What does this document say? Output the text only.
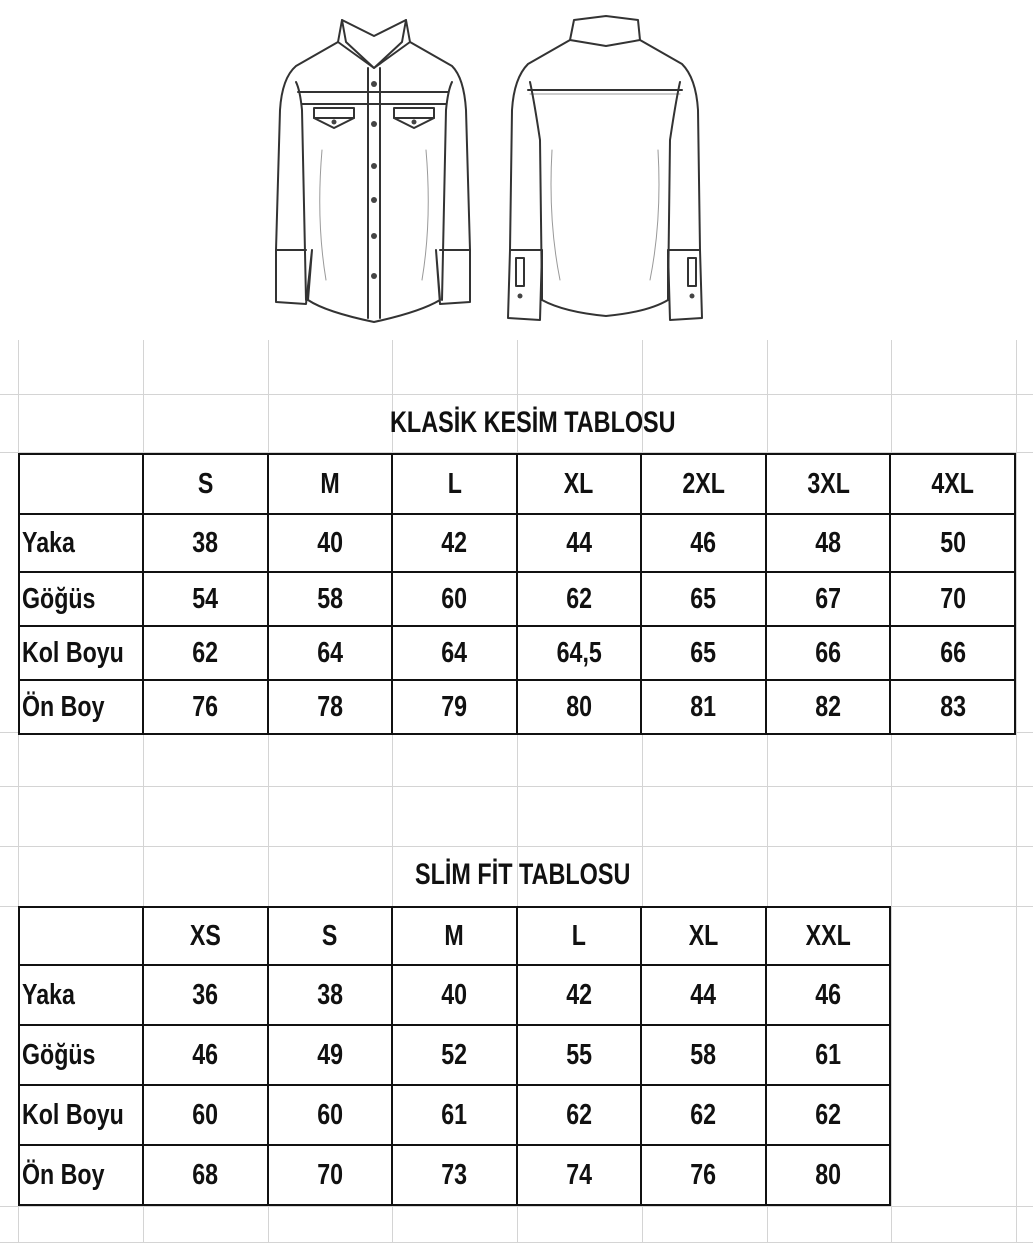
KLASİK KESİM TABLOSU
	S	M	L	XL	2XL	3XL	4XL
Yaka	38	40	42	44	46	48	50
Göğüs	54	58	60	62	65	67	70
Kol Boyu	62	64	64	64,5	65	66	66
Ön Boy	76	78	79	80	81	82	83
SLİM FİT TABLOSU
	XS	S	M	L	XL	XXL
Yaka	36	38	40	42	44	46
Göğüs	46	49	52	55	58	61
Kol Boyu	60	60	61	62	62	62
Ön Boy	68	70	73	74	76	80
